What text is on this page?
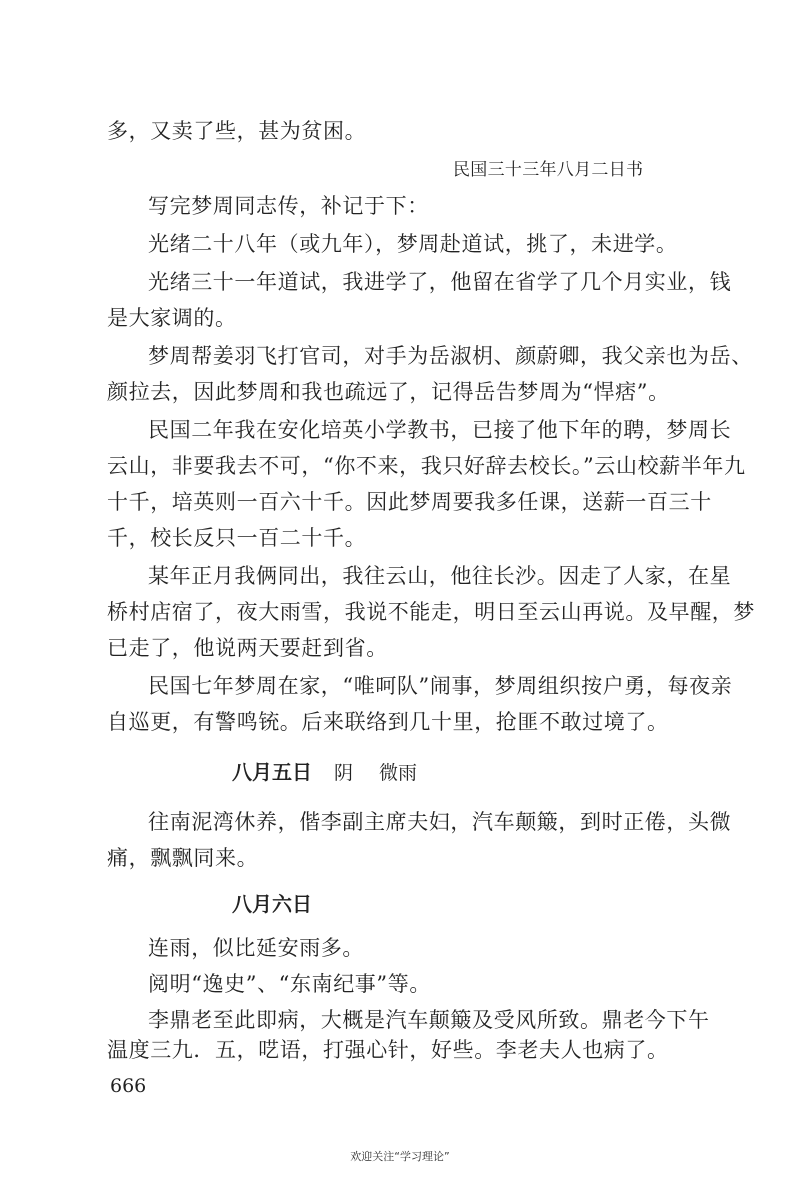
多，又卖了些，甚为贫困。
民国三十三年八月二日书
写完梦周同志传，补记于下：
光绪二十八年（或九年），梦周赴道试，挑了，未进学。
光绪三十一年道试，我进学了，他留在省学了几个月实业，钱
是大家调的。
梦周帮姜羽飞打官司，对手为岳淑枂、颜蔚卿，我父亲也为岳、
颜拉去，因此梦周和我也疏远了，记得岳告梦周为“悍痞”。
民国二年我在安化培英小学教书，已接了他下年的聘，梦周长
云山，非要我去不可，“你不来，我只好辞去校长。”云山校薪半年九
十千，培英则一百六十千。因此梦周要我多任课，送薪一百三十
千，校长反只一百二十千。
某年正月我俩同出，我往云山，他往长沙。因走了人家，在星
桥村店宿了，夜大雨雪，我说不能走，明日至云山再说。及早醒，梦
已走了，他说两天要赶到省。
民国七年梦周在家，“唯呵队”闹事，梦周组织按户勇，每夜亲
自巡更，有警鸣铳。后来联络到几十里，抢匪不敢过境了。
八月五日 阴 微雨
往南泥湾休养，偕李副主席夫妇，汽车颠簸，到时正倦，头微
痛，飘飘同来。
八月六日
连雨，似比延安雨多。
阅明“逸史”、“东南纪事”等。
李鼎老至此即病，大概是汽车颠簸及受风所致。鼎老今下午
温度三九．五，呓语，打强心针，好些。李老夫人也病了。
666
欢迎关注“学习理论”
